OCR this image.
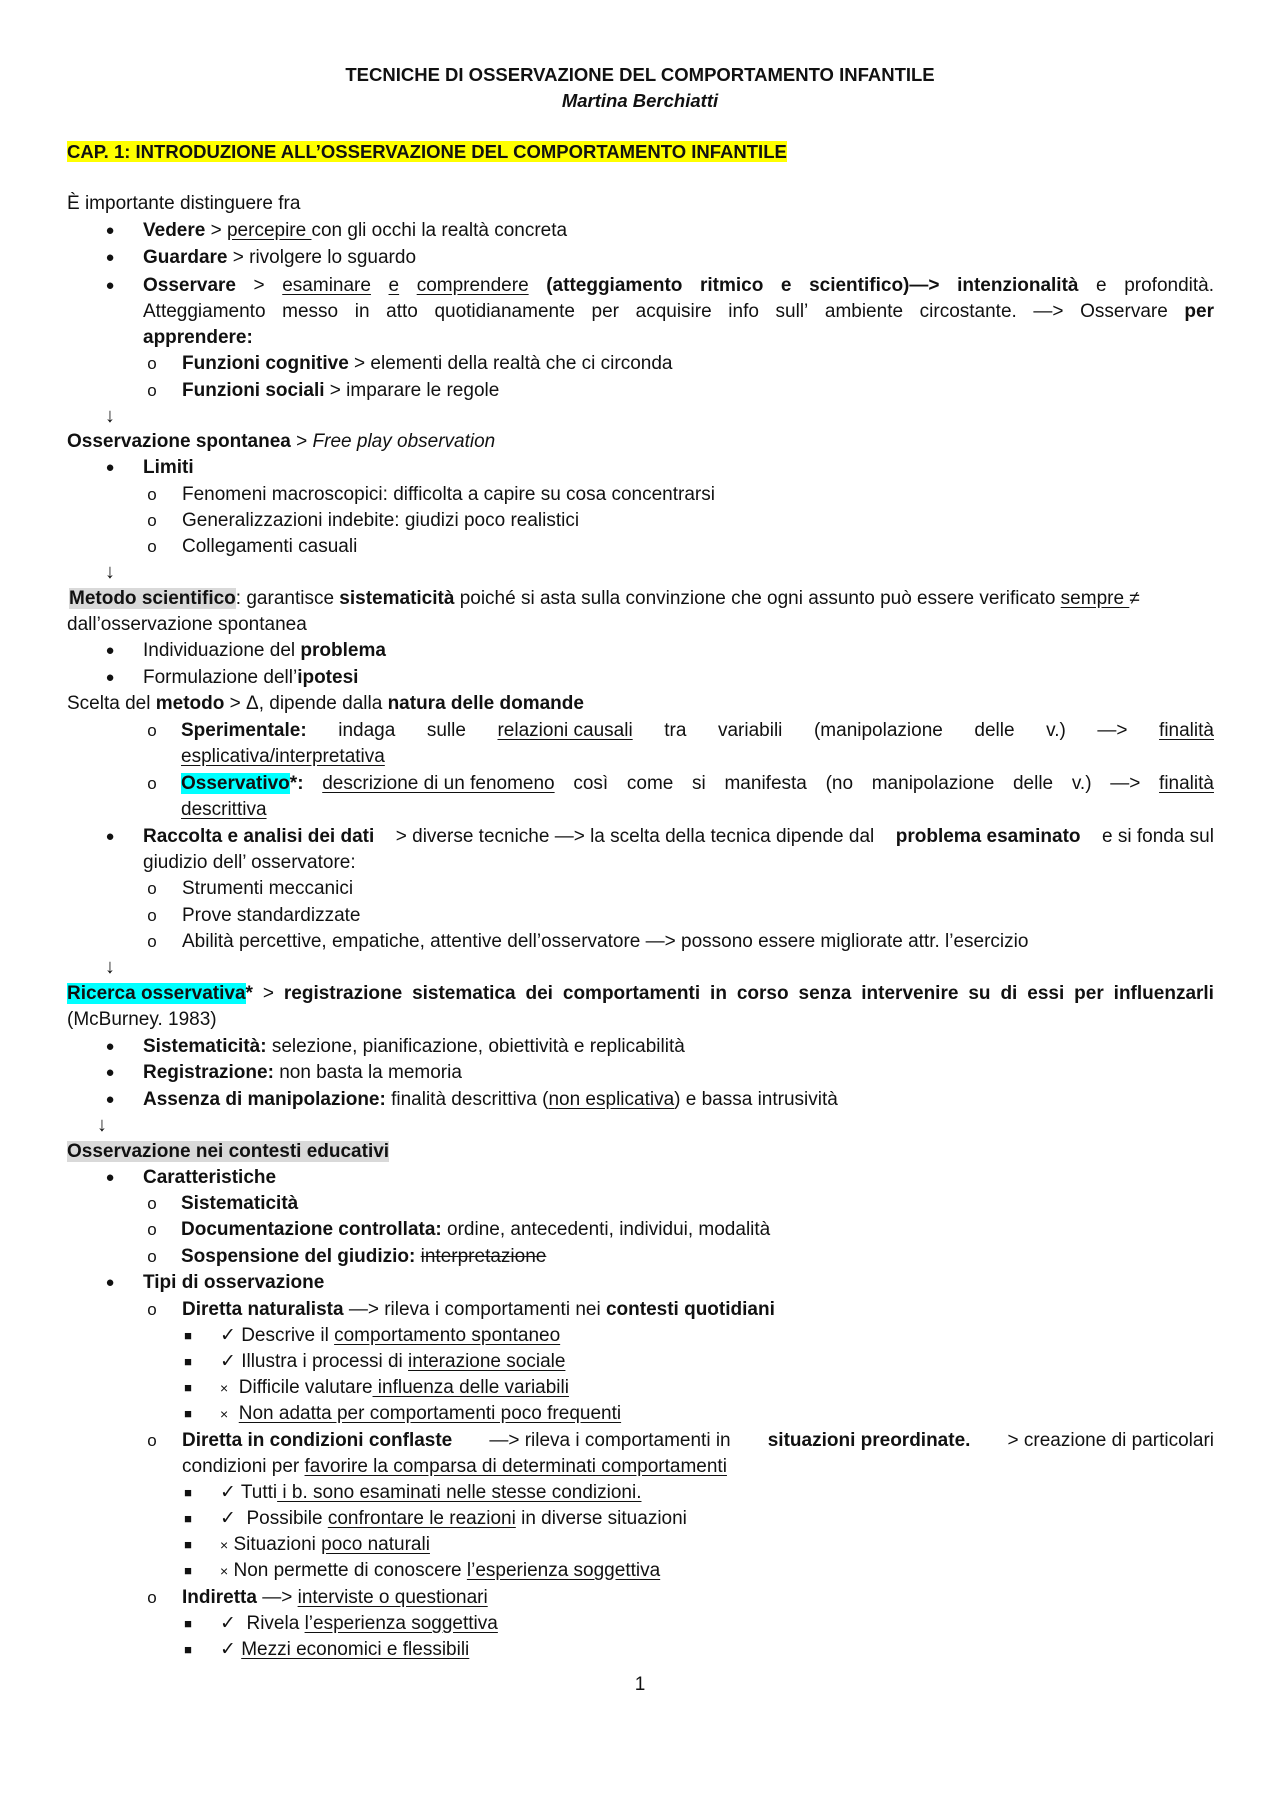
TECNICHE DI OSSERVAZIONE DEL COMPORTAMENTO INFANTILE
Martina Berchiatti
CAP. 1: INTRODUZIONE ALL’OSSERVAZIONE DEL COMPORTAMENTO INFANTILE
È importante distinguere fra
● Vedere > percepire con gli occhi la realtà concreta
● Guardare > rivolgere lo sguardo
● Osservare > esaminare e comprendere (atteggiamento ritmico e scientifico)—> intenzionalità e profondità.
Atteggiamento messo in atto quotidianamente per acquisire info sull’ ambiente circostante. —> Osservare per
apprendere:
o Funzioni cognitive > elementi della realtà che ci circonda
o Funzioni sociali > imparare le regole
↓
Osservazione spontanea > Free play observation
● Limiti
o Fenomeni macroscopici: difficolta a capire su cosa concentrarsi
o Generalizzazioni indebite: giudizi poco realistici
o Collegamenti casuali
↓
Metodo scientifico: garantisce sistematicità poiché si asta sulla convinzione che ogni assunto può essere verificato sempre ≠
dall’osservazione spontanea
● Individuazione del problema
● Formulazione dell’ipotesi
Scelta del metodo > Δ, dipende dalla natura delle domande
o Sperimentale: indaga sulle relazioni causali tra variabili (manipolazione delle v.) —> finalità
esplicativa/interpretativa
o Osservativo*: descrizione di un fenomeno così come si manifesta (no manipolazione delle v.) —> finalità
descrittiva
● Raccolta e analisi dei dati > diverse tecniche —> la scelta della tecnica dipende dal problema esaminato e si fonda sul
giudizio dell’ osservatore:
o Strumenti meccanici
o Prove standardizzate
o Abilità percettive, empatiche, attentive dell’osservatore —> possono essere migliorate attr. l’esercizio
↓
Ricerca osservativa* > registrazione sistematica dei comportamenti in corso senza intervenire su di essi per influenzarli
(McBurney. 1983)
● Sistematicità: selezione, pianificazione, obiettività e replicabilità
● Registrazione: non basta la memoria
● Assenza di manipolazione: finalità descrittiva (non esplicativa) e bassa intrusività
↓
Osservazione nei contesti educativi
● Caratteristiche
o Sistematicità
o Documentazione controllata: ordine, antecedenti, individui, modalità
o Sospensione del giudizio: interpretazione
● Tipi di osservazione
o Diretta naturalista —> rileva i comportamenti nei contesti quotidiani
■ ✓ Descrive il comportamento spontaneo
■ ✓ Illustra i processi di interazione sociale
■ × Difficile valutare influenza delle variabili
■ × Non adatta per comportamenti poco frequenti
o Diretta in condizioni conflaste —> rileva i comportamenti in situazioni preordinate. > creazione di particolari
condizioni per favorire la comparsa di determinati comportamenti
■ ✓ Tutti i b. sono esaminati nelle stesse condizioni.
■ ✓ Possibile confrontare le reazioni in diverse situazioni
■ × Situazioni poco naturali
■ × Non permette di conoscere l’esperienza soggettiva
o Indiretta —> interviste o questionari
■ ✓ Rivela l’esperienza soggettiva
■ ✓ Mezzi economici e flessibili
1
